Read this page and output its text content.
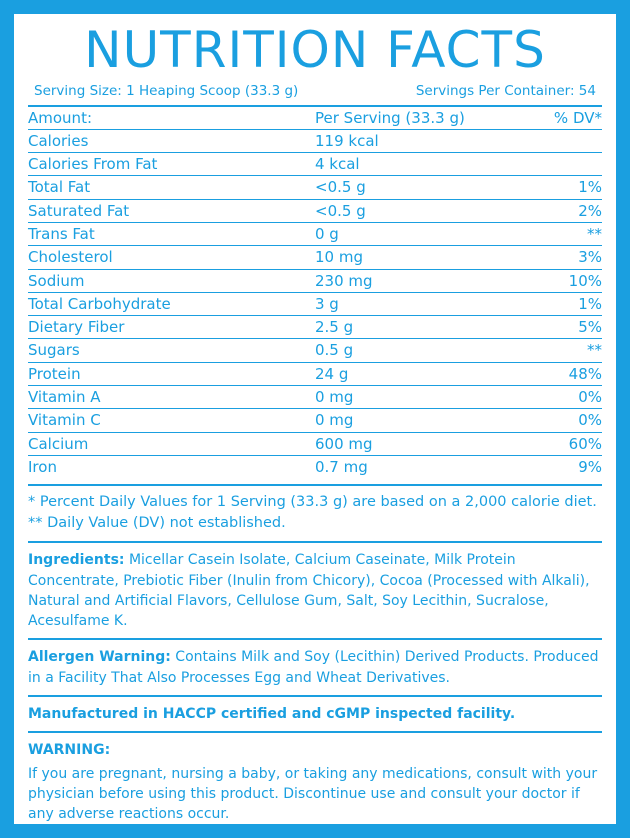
NUTRITION FACTS
Serving Size: 1 Heaping Scoop (33.3 g)	Servings Per Container: 54
Amount:	Per Serving (33.3 g)	% DV*
Calories	119 kcal	
Calories From Fat	4 kcal	
Total Fat	<0.5 g	1%
Saturated Fat	<0.5 g	2%
Trans Fat	0 g	**
Cholesterol	10 mg	3%
Sodium	230 mg	10%
Total Carbohydrate	3 g	1%
Dietary Fiber	2.5 g	5%
Sugars	0.5 g	**
Protein	24 g	48%
Vitamin A	0 mg	0%
Vitamin C	0 mg	0%
Calcium	600 mg	60%
Iron	0.7 mg	9%
* Percent Daily Values for 1 Serving (33.3 g) are based on a 2,000 calorie diet.
** Daily Value (DV) not established.
Ingredients: Micellar Casein Isolate, Calcium Caseinate, Milk Protein Concentrate, Prebiotic Fiber (Inulin from Chicory), Cocoa (Processed with Alkali), Natural and Artificial Flavors, Cellulose Gum, Salt, Soy Lecithin, Sucralose, Acesulfame K.
Allergen Warning: Contains Milk and Soy (Lecithin) Derived Products. Produced in a Facility That Also Processes Egg and Wheat Derivatives.
Manufactured in HACCP certified and cGMP inspected facility.
WARNING:
If you are pregnant, nursing a baby, or taking any medications, consult with your physician before using this product. Discontinue use and consult your doctor if any adverse reactions occur.
